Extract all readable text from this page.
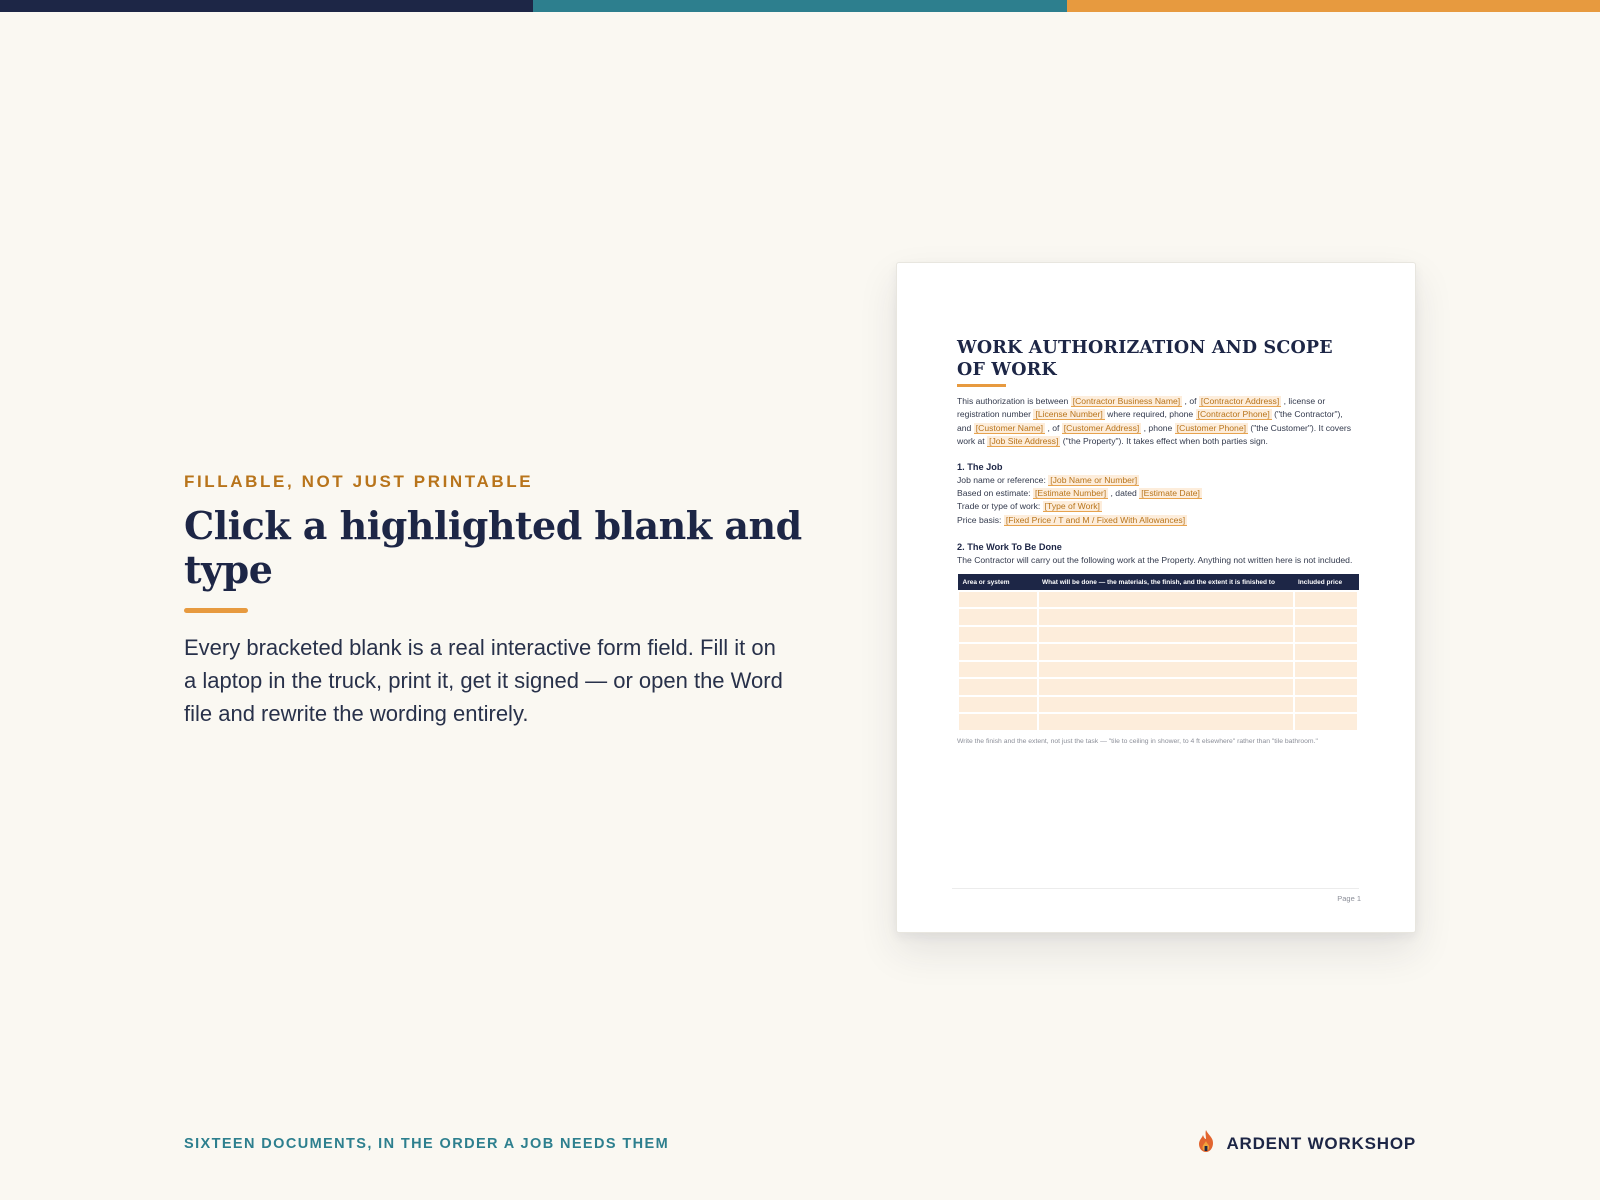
FILLABLE, NOT JUST PRINTABLE
Click a highlighted blank and type
Every bracketed blank is a real interactive form field. Fill it on a laptop in the truck, print it, get it signed — or open the Word file and rewrite the wording entirely.
WORK AUTHORIZATION AND SCOPE OF WORK
This authorization is between [Contractor Business Name] , of [Contractor Address] , license or registration number [License Number] where required, phone [Contractor Phone] ("the Contractor"), and [Customer Name] , of [Customer Address] , phone [Customer Phone] ("the Customer"). It covers work at [Job Site Address] ("the Property"). It takes effect when both parties sign.
1. The Job
Job name or reference: [Job Name or Number]
Based on estimate: [Estimate Number] , dated [Estimate Date]
Trade or type of work: [Type of Work]
Price basis: [Fixed Price / T and M / Fixed With Allowances]
2. The Work To Be Done
The Contractor will carry out the following work at the Property. Anything not written here is not included.
Area or system	What will be done — the materials, the finish, and the extent it is finished to	Included price

Write the finish and the extent, not just the task — "tile to ceiling in shower, to 4 ft elsewhere" rather than "tile bathroom."
Page 1
SIXTEEN DOCUMENTS, IN THE ORDER A JOB NEEDS THEM	ARDENT WORKSHOP
